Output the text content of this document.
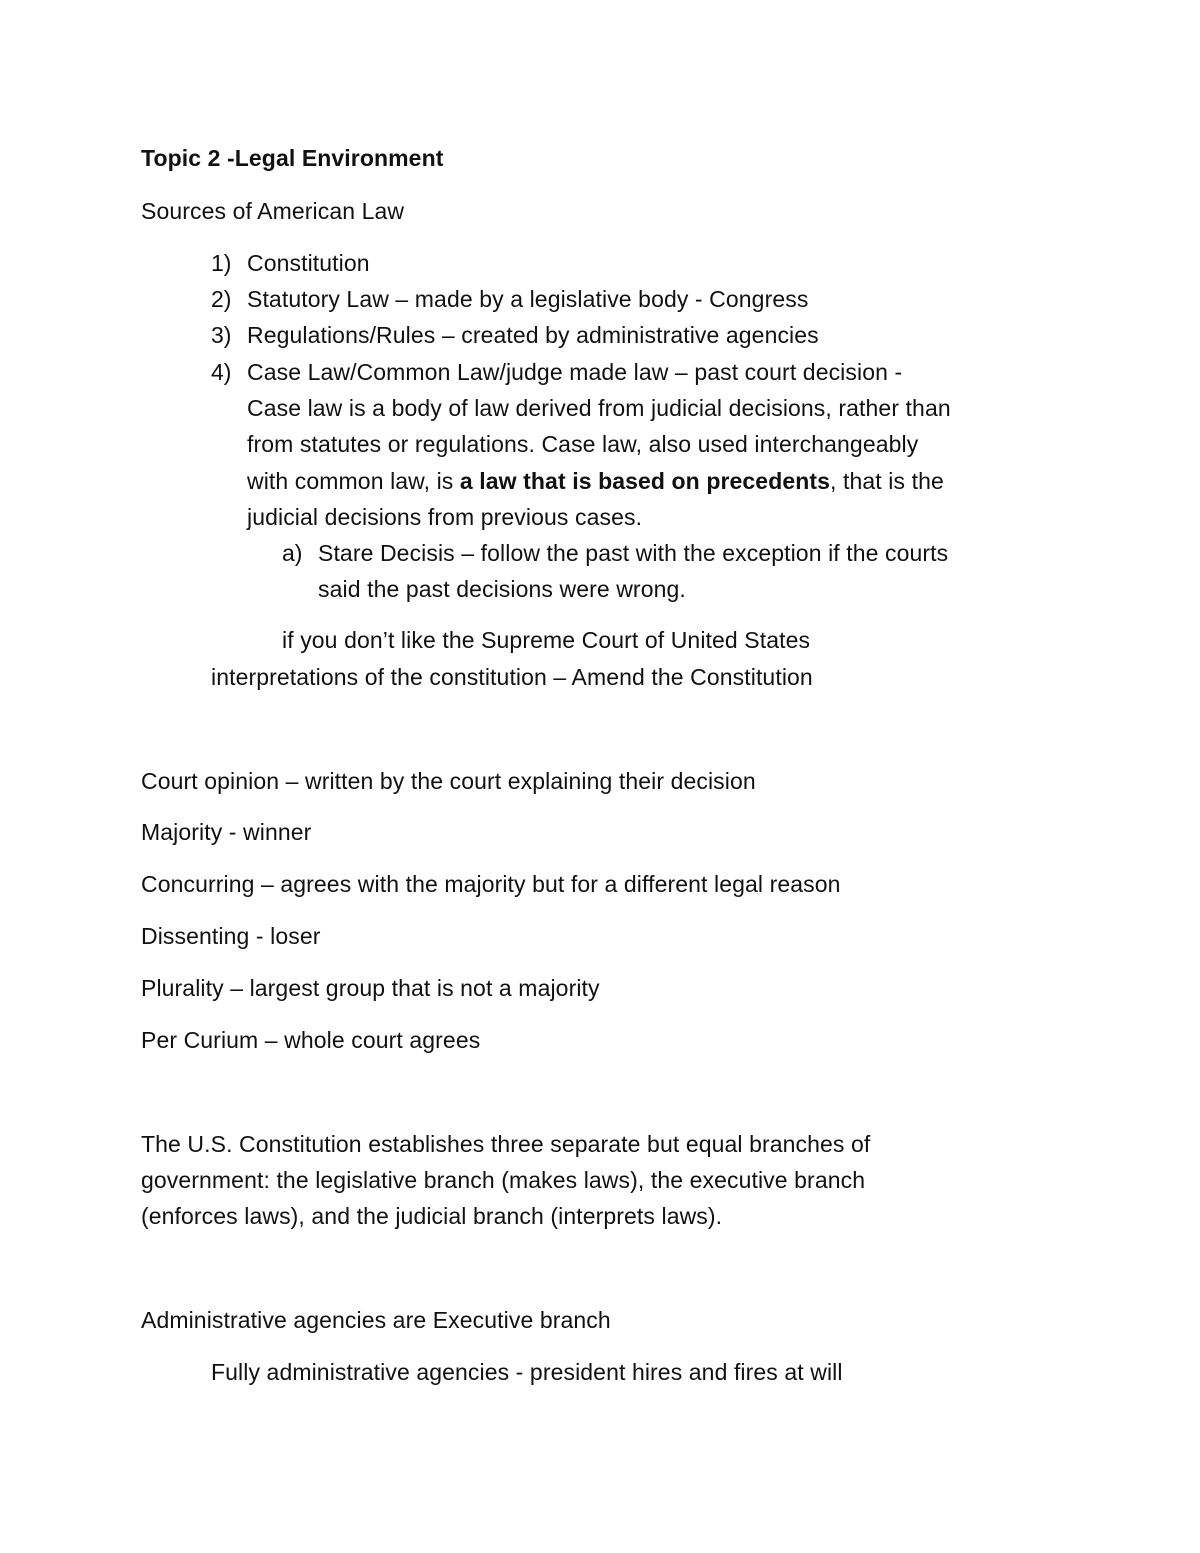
Topic 2 -Legal Environment
Sources of American Law
1) Constitution
2) Statutory Law – made by a legislative body - Congress
3) Regulations/Rules – created by administrative agencies
4) Case Law/Common Law/judge made law – past court decision -
Case law is a body of law derived from judicial decisions, rather than
from statutes or regulations. Case law, also used interchangeably
with common law, is a law that is based on precedents, that is the
judicial decisions from previous cases.
a) Stare Decisis – follow the past with the exception if the courts
said the past decisions were wrong.
if you don’t like the Supreme Court of United States
interpretations of the constitution – Amend the Constitution
Court opinion – written by the court explaining their decision
Majority - winner
Concurring – agrees with the majority but for a different legal reason
Dissenting - loser
Plurality – largest group that is not a majority
Per Curium – whole court agrees
The U.S. Constitution establishes three separate but equal branches of
government: the legislative branch (makes laws), the executive branch
(enforces laws), and the judicial branch (interprets laws).
Administrative agencies are Executive branch
Fully administrative agencies - president hires and fires at will
